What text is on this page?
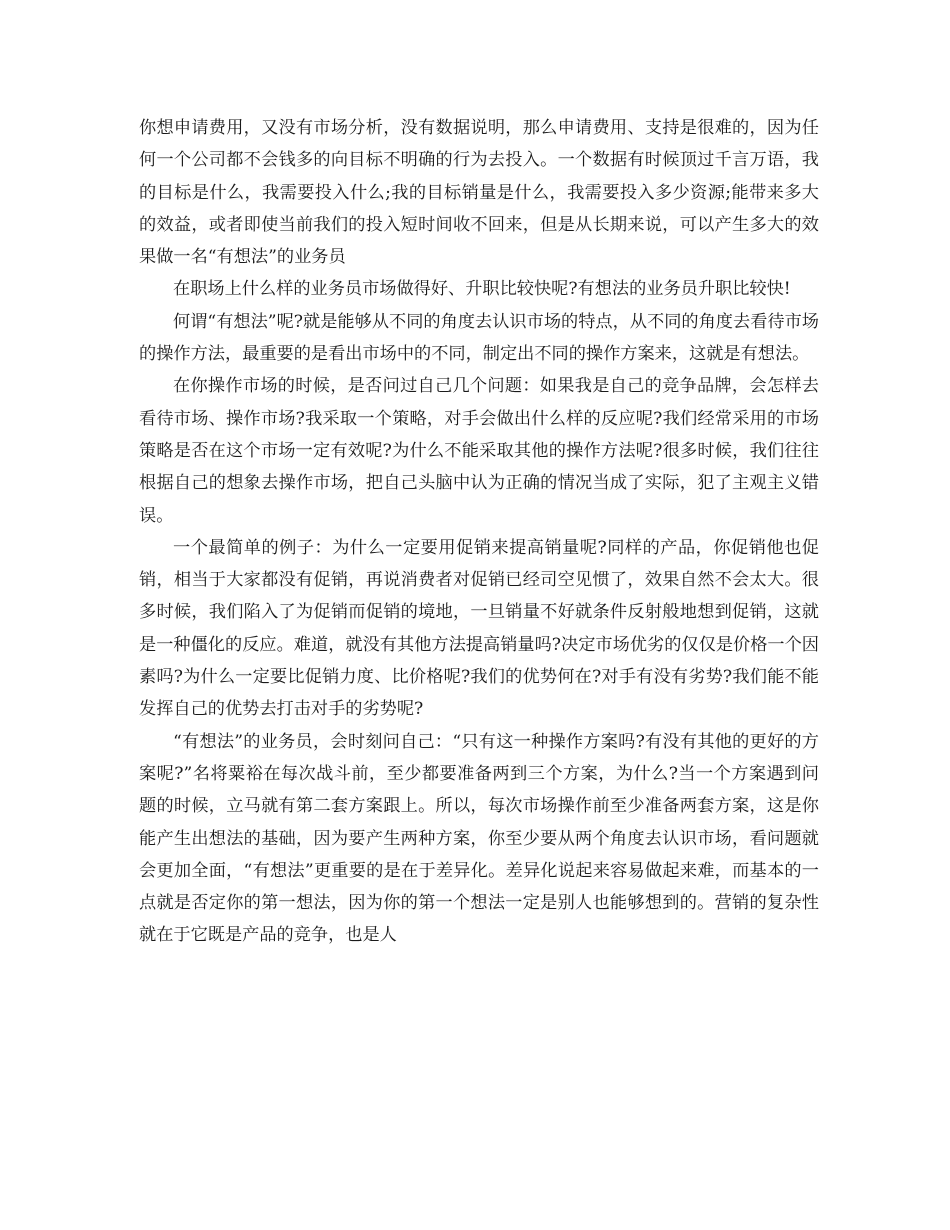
你想申请费用，又没有市场分析，没有数据说明，那么申请费用、支持是很难的，因为任何一个公司都不会钱多的向目标不明确的行为去投入。一个数据有时候顶过千言万语，我的目标是什么，我需要投入什么;我的目标销量是什么，我需要投入多少资源;能带来多大的效益，或者即使当前我们的投入短时间收不回来，但是从长期来说，可以产生多大的效果做一名“有想法”的业务员

在职场上什么样的业务员市场做得好、升职比较快呢?有想法的业务员升职比较快!

何谓“有想法”呢?就是能够从不同的角度去认识市场的特点，从不同的角度去看待市场的操作方法，最重要的是看出市场中的不同，制定出不同的操作方案来，这就是有想法。

在你操作市场的时候，是否问过自己几个问题：如果我是自己的竞争品牌，会怎样去看待市场、操作市场?我采取一个策略，对手会做出什么样的反应呢?我们经常采用的市场策略是否在这个市场一定有效呢?为什么不能采取其他的操作方法呢?很多时候，我们往往根据自己的想象去操作市场，把自己头脑中认为正确的情况当成了实际，犯了主观主义错误。

一个最简单的例子：为什么一定要用促销来提高销量呢?同样的产品，你促销他也促销，相当于大家都没有促销，再说消费者对促销已经司空见惯了，效果自然不会太大。很多时候，我们陷入了为促销而促销的境地，一旦销量不好就条件反射般地想到促销，这就是一种僵化的反应。难道，就没有其他方法提高销量吗?决定市场优劣的仅仅是价格一个因素吗?为什么一定要比促销力度、比价格呢?我们的优势何在?对手有没有劣势?我们能不能发挥自己的优势去打击对手的劣势呢?

“有想法”的业务员，会时刻问自己：“只有这一种操作方案吗?有没有其他的更好的方案呢?”名将粟裕在每次战斗前，至少都要准备两到三个方案，为什么?当一个方案遇到问题的时候，立马就有第二套方案跟上。所以，每次市场操作前至少准备两套方案，这是你能产生出想法的基础，因为要产生两种方案，你至少要从两个角度去认识市场，看问题就会更加全面，“有想法”更重要的是在于差异化。差异化说起来容易做起来难，而基本的一点就是否定你的第一想法，因为你的第一个想法一定是别人也能够想到的。营销的复杂性就在于它既是产品的竞争，也是人
